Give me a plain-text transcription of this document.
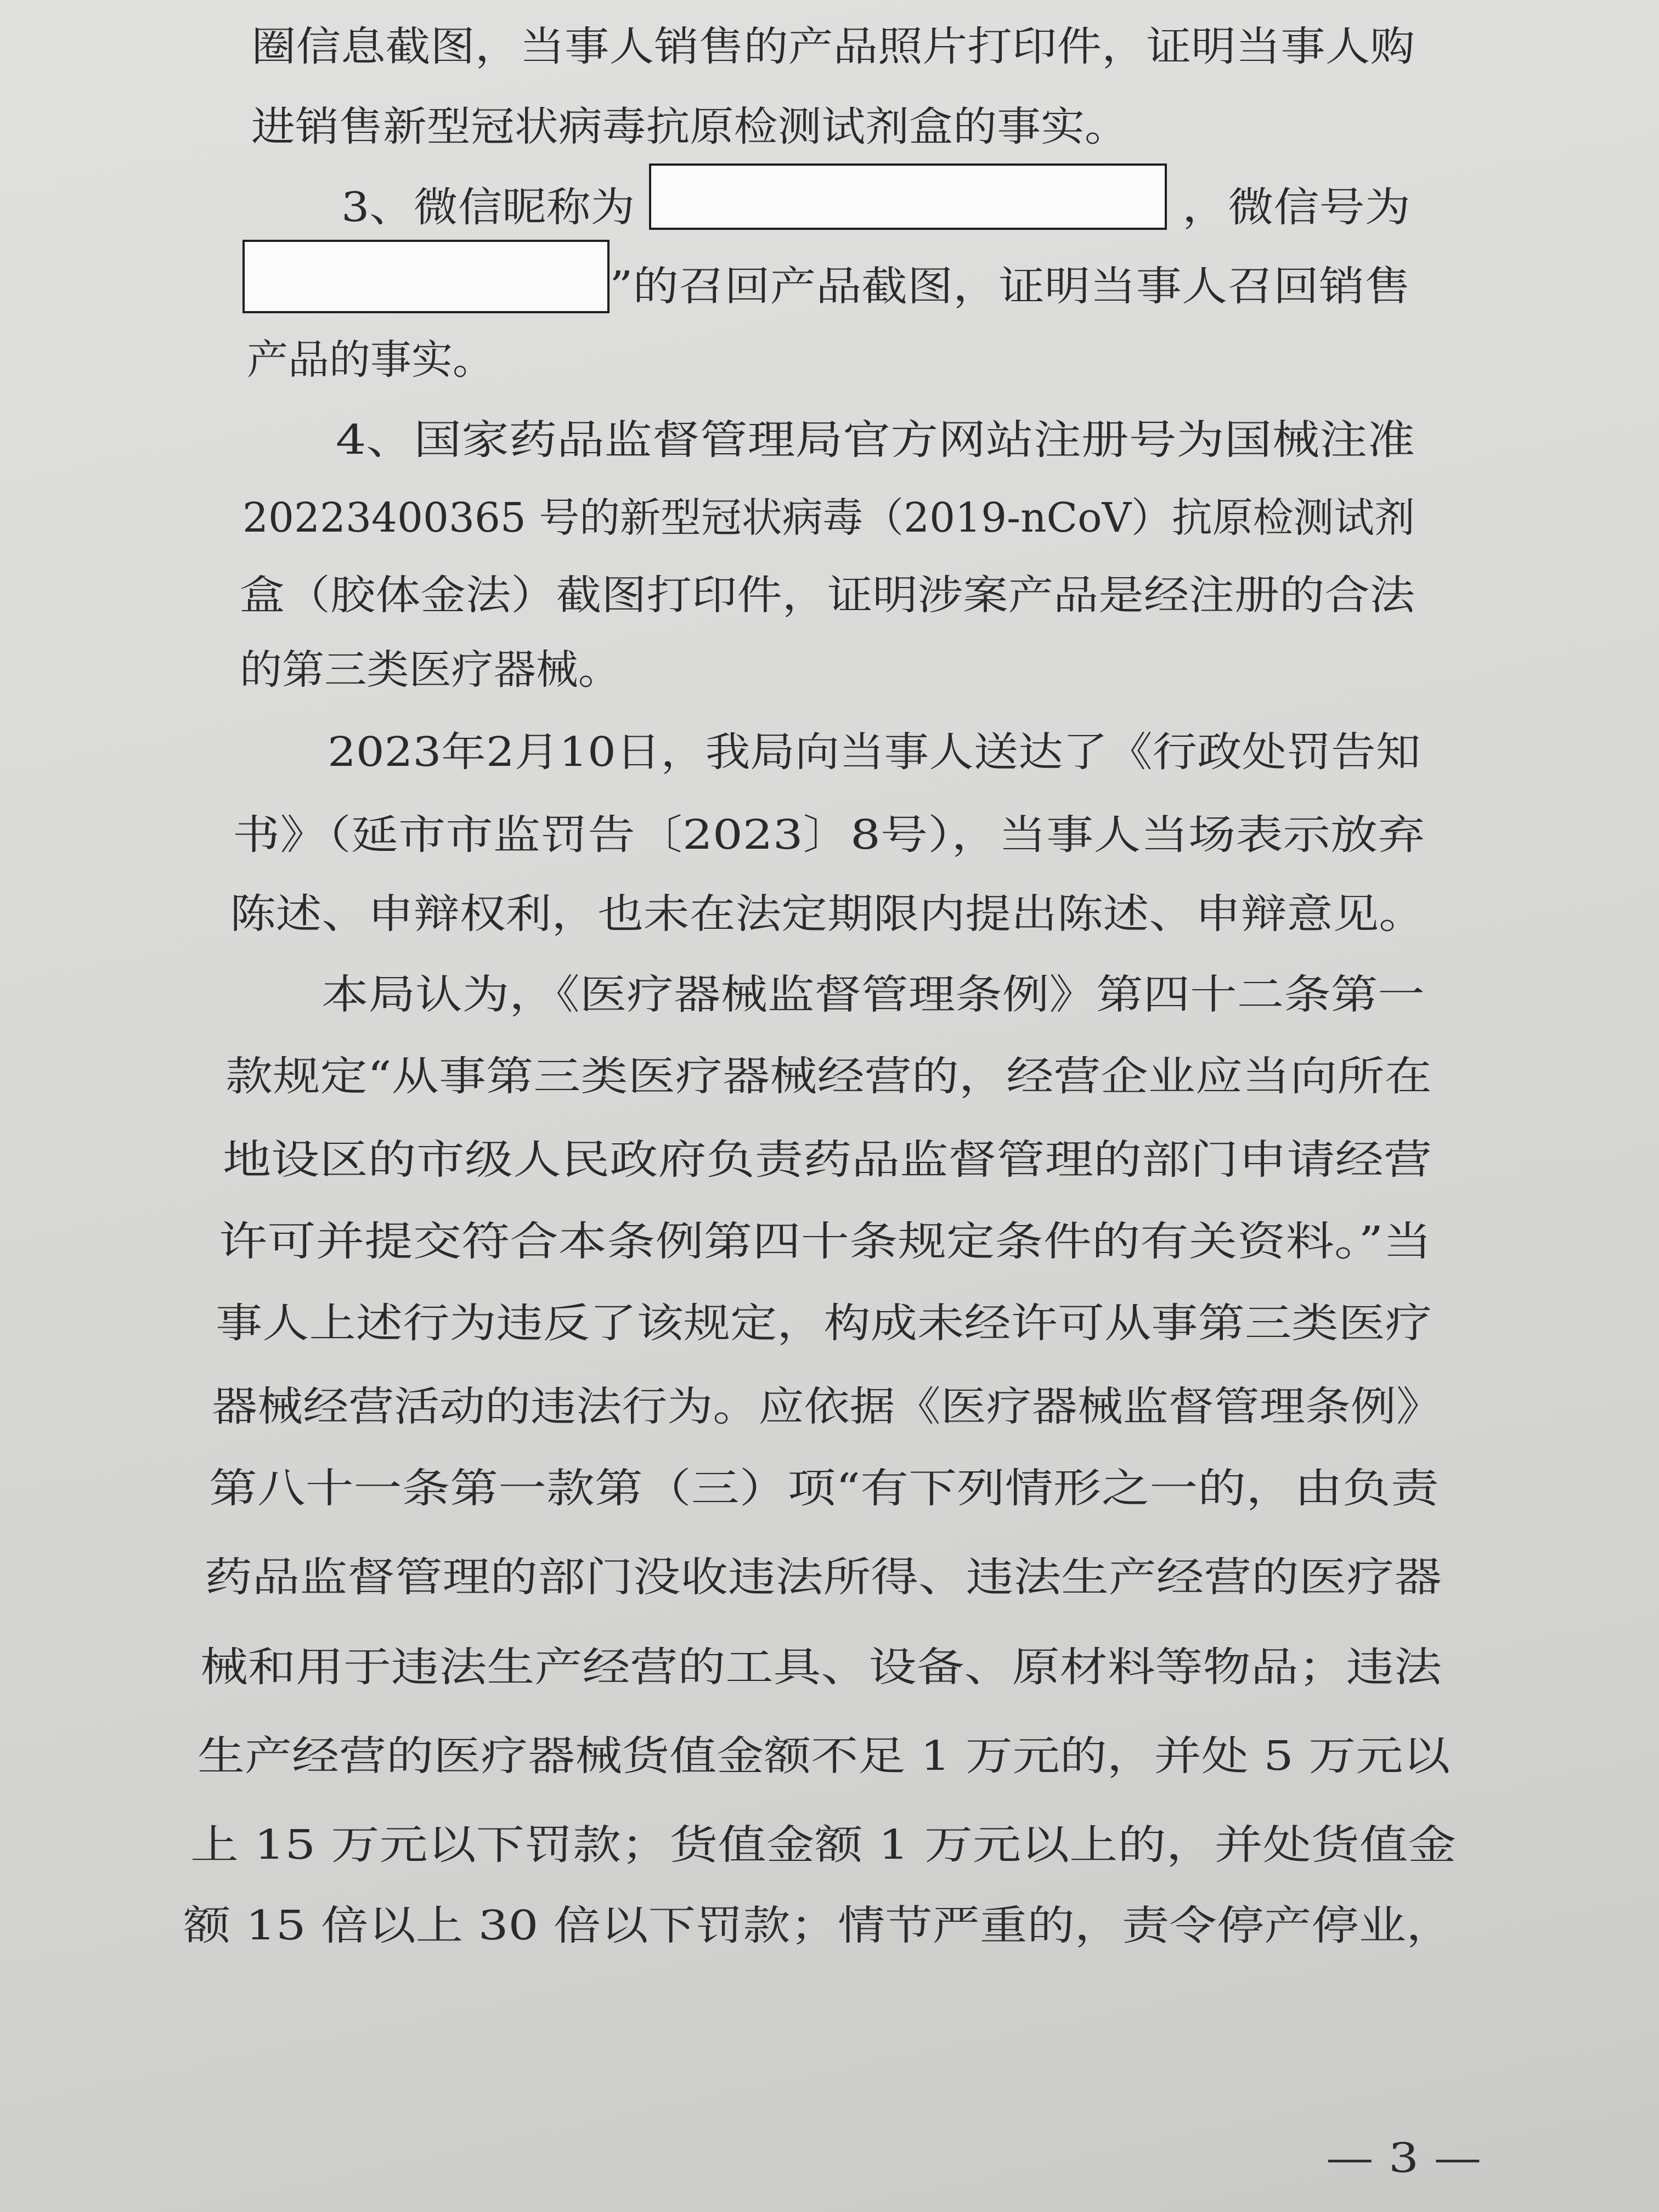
圈信息截图，当事人销售的产品照片打印件，证明当事人购
进销售新型冠状病毒抗原检测试剂盒的事实。
3、微信昵称为	，微信号为
”的召回产品截图，证明当事人召回销售
产品的事实。
4、国家药品监督管理局官方网站注册号为国械注准
20223400365 号的新型冠状病毒（2019-nCoV）抗原检测试剂
盒（胶体金法）截图打印件，证明涉案产品是经注册的合法
的第三类医疗器械。
2023年2月10日，我局向当事人送达了《行政处罚告知
书》（延市市监罚告〔2023〕8号），当事人当场表示放弃
陈述、申辩权利，也未在法定期限内提出陈述、申辩意见。
本局认为，《医疗器械监督管理条例》第四十二条第一
款规定“从事第三类医疗器械经营的，经营企业应当向所在
地设区的市级人民政府负责药品监督管理的部门申请经营
许可并提交符合本条例第四十条规定条件的有关资料。”当
事人上述行为违反了该规定，构成未经许可从事第三类医疗
器械经营活动的违法行为。应依据《医疗器械监督管理条例》
第八十一条第一款第（三）项“有下列情形之一的，由负责
药品监督管理的部门没收违法所得、违法生产经营的医疗器
械和用于违法生产经营的工具、设备、原材料等物品；违法
生产经营的医疗器械货值金额不足 1 万元的，并处 5 万元以
上 15 万元以下罚款；货值金额 1 万元以上的，并处货值金
额 15 倍以上 30 倍以下罚款；情节严重的，责令停产停业，
— 3 —
